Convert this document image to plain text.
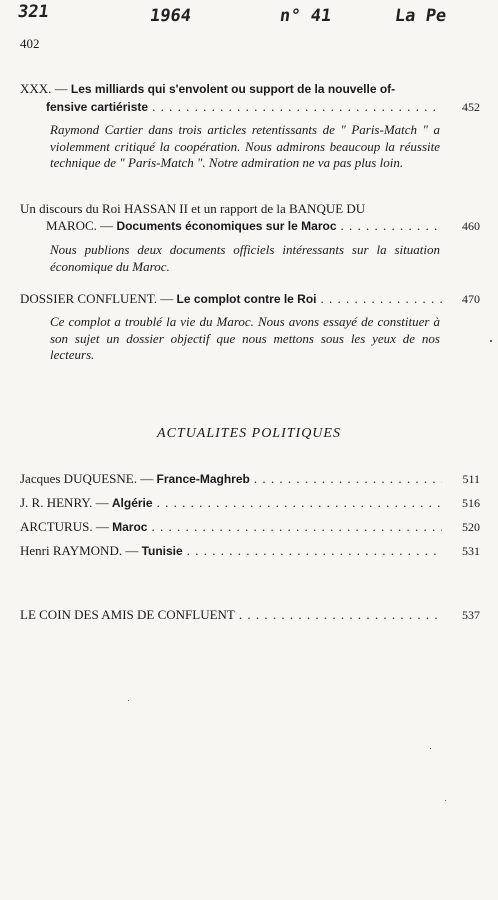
321	1964	n° 41	La Pe
402
XXX. — Les milliards qui s'envolent ou support de la nouvelle of-
fensive cartiériste . . .	452
Raymond Cartier dans trois articles retentissants de " Paris-Match " a violemment critiqué la coopération. Nous admirons beaucoup la réussite technique de " Paris-Match ". Notre admiration ne va pas plus loin.
Un discours du Roi HASSAN II et un rapport de la BANQUE DU
MAROC. —
Documents économiques sur le Maroc . . .	460
Nous publions deux documents officiels intéressants sur la situation économique du Maroc.
DOSSIER CONFLUENT. —
Le complot contre le Roi . . .	470
Ce complot a troublé la vie du Maroc. Nous avons essayé de constituer à son sujet un dossier objectif que nous mettons sous les yeux de nos lecteurs.
ACTUALITES POLITIQUES
Jacques DUQUESNE. —
France-Maghreb . . .	511
J. R. HENRY. —
Algérie . . .	516
ARCTURUS. —
Maroc . . .	520
Henri RAYMOND. —
Tunisie . . .	531
LE COIN DES AMIS DE CONFLUENT . . .	537
